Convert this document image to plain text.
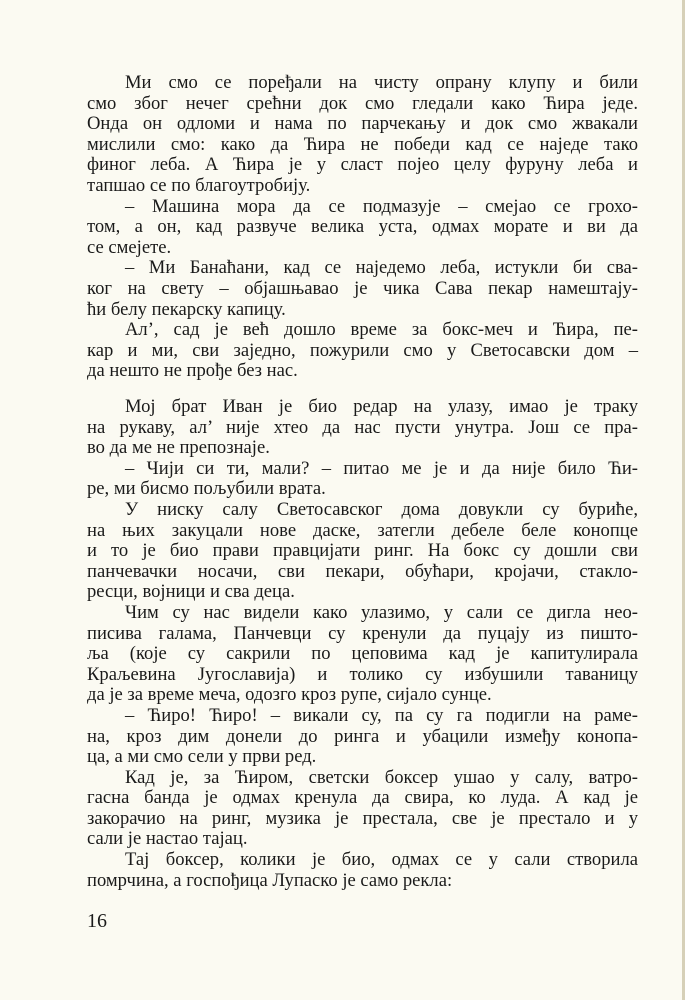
Ми смо се поређали на чисту опрану клупу и били
смо због нечег срећни док смо гледали како Ћира једе.
Онда он одломи и нама по парчекању и док смо жвакали
мислили смо: како да Ћира не победи кад се наједе тако
финог леба. А Ћира је у сласт појео целу фуруну леба и
тапшао се по благоутробију.
– Машина мора да се подмазује – смејао се грохо-
том, а он, кад развуче велика уста, одмах морате и ви да
се смејете.
– Ми Банаћани, кад се наједемо леба, истукли би сва-
ког на свету – објашњавао је чика Сава пекар намештају-
ћи белу пекарску капицу.
Ал’, сад је већ дошло време за бокс-меч и Ћира, пе-
кар и ми, сви заједно, пожурили смо у Светосавски дом –
да нешто не прође без нас.
Мој брат Иван је био редар на улазу, имао је траку
на рукаву, ал’ није хтео да нас пусти унутра. Још се пра-
во да ме не препознаје.
– Чији си ти, мали? – питао ме је и да није било Ћи-
ре, ми бисмо пољубили врата.
У ниску салу Светосавског дома довукли су буриће,
на њих закуцали нове даске, затегли дебеле беле конопце
и то је био прави правцијати ринг. На бокс су дошли сви
панчевачки носачи, сви пекари, обућари, кројачи, стакло-
ресци, војници и сва деца.
Чим су нас видели како улазимо, у сали се дигла нео-
писива галама, Панчевци су кренули да пуцају из пишто-
ља (које су сакрили по цеповима кад је капитулирала
Краљевина Југославија) и толико су избушили таваницу
да је за време меча, одозго кроз рупе, сијало сунце.
– Ћиро! Ћиро! – викали су, па су га подигли на раме-
на, кроз дим донели до ринга и убацили између конопа-
ца, а ми смо сели у први ред.
Кад је, за Ћиром, светски боксер ушао у салу, ватро-
гасна банда је одмах кренула да свира, ко луда. А кад је
закорачио на ринг, музика је престала, све је престало и у
сали је настао тајац.
Тај боксер, колики је био, одмах се у сали створила
помрчина, а госпођица Лупаско је само рекла:
16
